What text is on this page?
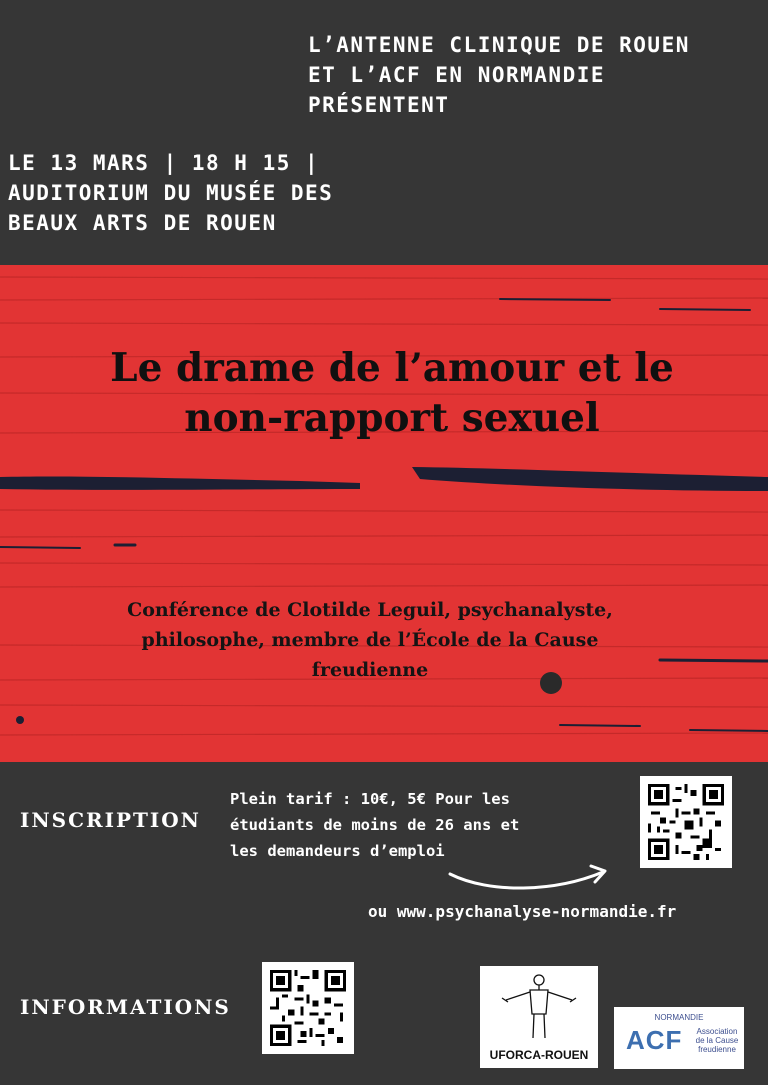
L’ANTENNE CLINIQUE DE ROUEN
ET L’ACF EN NORMANDIE
PRÉSENTENT
LE 13 MARS | 18 H 15 |
AUDITORIUM DU MUSÉE DES
BEAUX ARTS DE ROUEN
Le drame de l’amour et le
non-rapport sexuel
Conférence de Clotilde Leguil, psychanalyste,
philosophe, membre de l’École de la Cause
freudienne
INSCRIPTION
Plein tarif : 10€, 5€ Pour les
étudiants de moins de 26 ans et
les demandeurs d’emploi
ou www.psychanalyse-normandie.fr
INFORMATIONS
UFORCA-ROUEN
NORMANDIE
ACF	Association
de la Cause
freudienne
